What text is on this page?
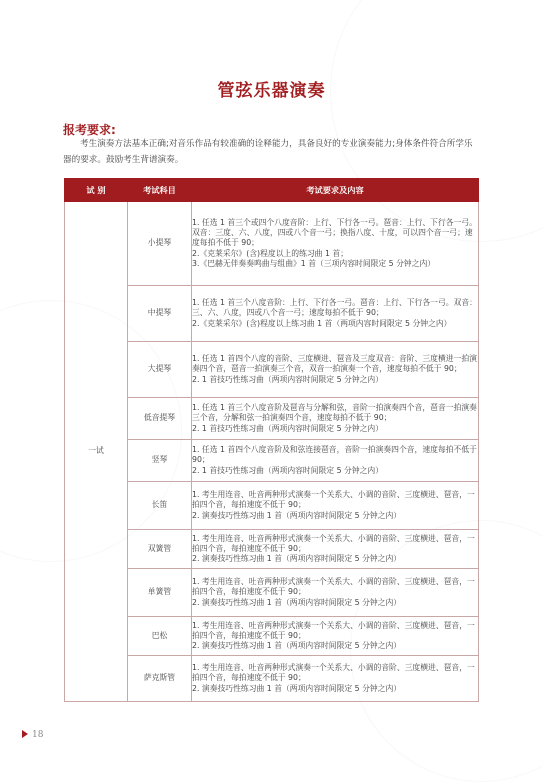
管弦乐器演奏
报考要求:
考生演奏方法基本正确;对音乐作品有较准确的诠释能力，具备良好的专业演奏能力;身体条件符合所学乐器的要求。鼓励考生背谱演奏。
试 别	考试科目	考试要求及内容
一试	小提琴	1. 任选 1 首三个或四个八度音阶：上行、下行各一弓。琶音：上行、下行各一弓。双音：三度、六、八度，四或八个音一弓；换指八度、十度，可以四个音一弓；速度每拍不低于 90；
2.《克莱采尔》(含)程度以上的练习曲 1 首；
3.《巴赫无伴奏奏鸣曲与组曲》1 首（三项内容时间限定 5 分钟之内）

	中提琴	1. 任选 1 首三个八度音阶：上行、下行各一弓。琶音：上行、下行各一弓。双音：三、六、八度，四或八个音一弓；速度每拍不低于 90；
2.《克莱采尔》(含)程度以上练习曲 1 首（两项内容时间限定 5 分钟之内）

	大提琴	1. 任选 1 首四个八度的音阶、三度横进、琶音及三度双音：音阶、三度横进一拍演奏四个音，琶音一拍演奏三个音，双音一拍演奏一个音，速度每拍不低于 90；
2. 1 首技巧性练习曲（两项内容时间限定 5 分钟之内）

	低音提琴	1. 任选 1 首三个八度音阶及琶音与分解和弦，音阶一拍演奏四个音，琶音一拍演奏三个音，分解和弦一拍演奏四个音，速度每拍不低于 90；
2. 1 首技巧性练习曲（两项内容时间限定 5 分钟之内）

	竖琴	1. 任选 1 首四个八度音阶及和弦连接琶音，音阶一拍演奏四个音，速度每拍不低于 90；
2. 1 首技巧性练习曲（两项内容时间限定 5 分钟之内）

	长笛	1. 考生用连音、吐音两种形式演奏一个关系大、小调的音阶、三度横进、琶音，一拍四个音，每拍速度不低于 90；
2. 演奏技巧性练习曲 1 首（两项内容时间限定 5 分钟之内）

	双簧管	1. 考生用连音、吐音两种形式演奏一个关系大、小调的音阶、三度横进、琶音，一拍四个音，每拍速度不低于 90；
2. 演奏技巧性练习曲 1 首（两项内容时间限定 5 分钟之内）

	单簧管	1. 考生用连音、吐音两种形式演奏一个关系大、小调的音阶、三度横进、琶音，一拍四个音，每拍速度不低于 90；
2. 演奏技巧性练习曲 1 首（两项内容时间限定 5 分钟之内）

	巴松	1. 考生用连音、吐音两种形式演奏一个关系大、小调的音阶、三度横进、琶音，一拍四个音，每拍速度不低于 90；
2. 演奏技巧性练习曲 1 首（两项内容时间限定 5 分钟之内）

	萨克斯管	1. 考生用连音、吐音两种形式演奏一个关系大、小调的音阶、三度横进、琶音，一拍四个音，每拍速度不低于 90；
2. 演奏技巧性练习曲 1 首（两项内容时间限定 5 分钟之内）
18
